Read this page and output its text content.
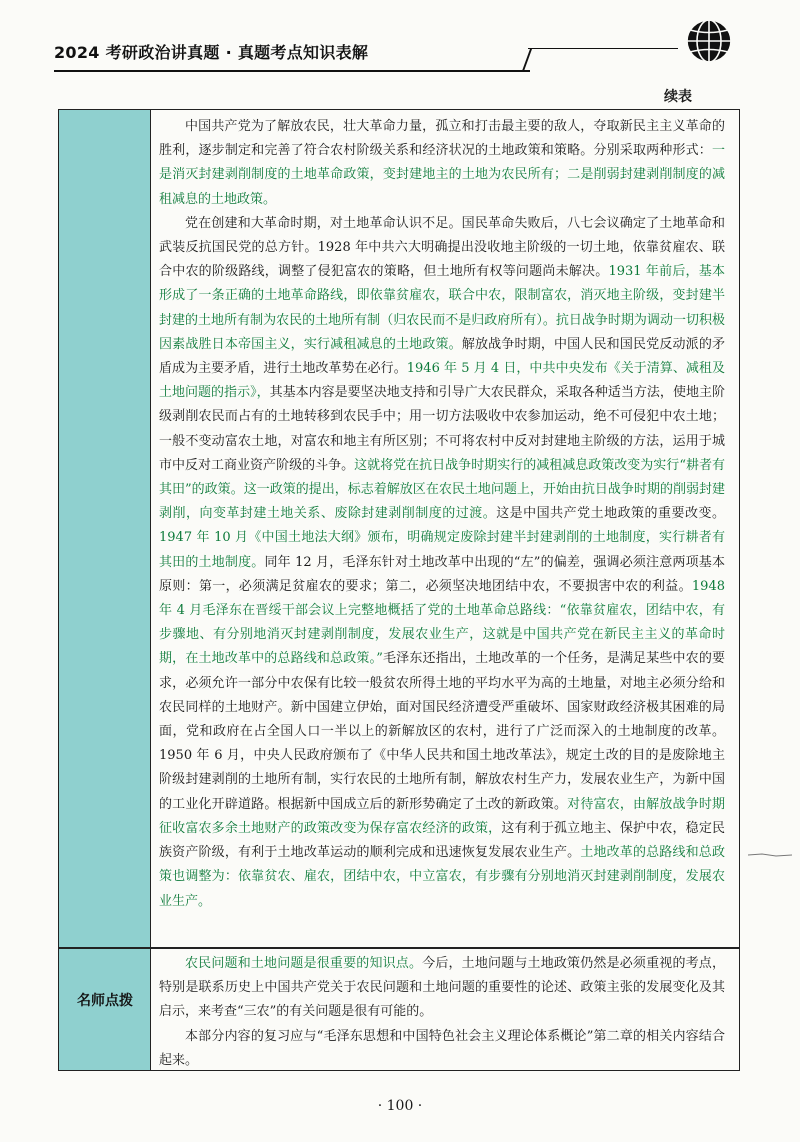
2024 考研政治讲真题 · 真题考点知识表解
续表
名师点拨

中国共产党为了解放农民，壮大革命力量，孤立和打击最主要的敌人，夺取新民主主义革命的胜利，逐步制定和完善了符合农村阶级关系和经济状况的土地政策和策略。分别采取两种形式：一是消灭封建剥削制度的土地革命政策，变封建地主的土地为农民所有；二是削弱封建剥削制度的减租减息的土地政策。

党在创建和大革命时期，对土地革命认识不足。国民革命失败后，八七会议确定了土地革命和武装反抗国民党的总方针。1928 年中共六大明确提出没收地主阶级的一切土地，依靠贫雇农、联合中农的阶级路线，调整了侵犯富农的策略，但土地所有权等问题尚未解决。1931 年前后，基本形成了一条正确的土地革命路线，即依靠贫雇农，联合中农，限制富农，消灭地主阶级，变封建半封建的土地所有制为农民的土地所有制（归农民而不是归政府所有）。抗日战争时期为调动一切积极因素战胜日本帝国主义，实行减租减息的土地政策。解放战争时期，中国人民和国民党反动派的矛盾成为主要矛盾，进行土地改革势在必行。1946 年 5 月 4 日，中共中央发布《关于清算、减租及土地问题的指示》，其基本内容是要坚决地支持和引导广大农民群众，采取各种适当方法，使地主阶级剥削农民而占有的土地转移到农民手中；用一切方法吸收中农参加运动，绝不可侵犯中农土地；一般不变动富农土地，对富农和地主有所区别；不可将农村中反对封建地主阶级的方法，运用于城市中反对工商业资产阶级的斗争。这就将党在抗日战争时期实行的减租减息政策改变为实行“耕者有其田”的政策。这一政策的提出，标志着解放区在农民土地问题上，开始由抗日战争时期的削弱封建剥削，向变革封建土地关系、废除封建剥削制度的过渡。这是中国共产党土地政策的重要改变。1947 年 10 月《中国土地法大纲》颁布，明确规定废除封建半封建剥削的土地制度，实行耕者有其田的土地制度。同年 12 月，毛泽东针对土地改革中出现的“左”的偏差，强调必须注意两项基本原则：第一，必须满足贫雇农的要求；第二，必须坚决地团结中农，不要损害中农的利益。1948 年 4 月毛泽东在晋绥干部会议上完整地概括了党的土地革命总路线：“依靠贫雇农，团结中农，有步骤地、有分别地消灭封建剥削制度，发展农业生产，这就是中国共产党在新民主主义的革命时期，在土地改革中的总路线和总政策。”毛泽东还指出，土地改革的一个任务，是满足某些中农的要求，必须允许一部分中农保有比较一般贫农所得土地的平均水平为高的土地量，对地主必须分给和农民同样的土地财产。新中国建立伊始，面对国民经济遭受严重破坏、国家财政经济极其困难的局面，党和政府在占全国人口一半以上的新解放区的农村，进行了广泛而深入的土地制度的改革。1950 年 6 月，中央人民政府颁布了《中华人民共和国土地改革法》，规定土改的目的是废除地主阶级封建剥削的土地所有制，实行农民的土地所有制，解放农村生产力，发展农业生产，为新中国的工业化开辟道路。根据新中国成立后的新形势确定了土改的新政策。对待富农，由解放战争时期征收富农多余土地财产的政策改变为保存富农经济的政策，这有利于孤立地主、保护中农，稳定民族资产阶级，有利于土地改革运动的顺利完成和迅速恢复发展农业生产。土地改革的总路线和总政策也调整为：依靠贫农、雇农，团结中农，中立富农，有步骤有分别地消灭封建剥削制度，发展农业生产。

农民问题和土地问题是很重要的知识点。今后，土地问题与土地政策仍然是必须重视的考点，特别是联系历史上中国共产党关于农民问题和土地问题的重要性的论述、政策主张的发展变化及其启示，来考查“三农”的有关问题是很有可能的。

本部分内容的复习应与“毛泽东思想和中国特色社会主义理论体系概论”第二章的相关内容结合起来。

· 100 ·
